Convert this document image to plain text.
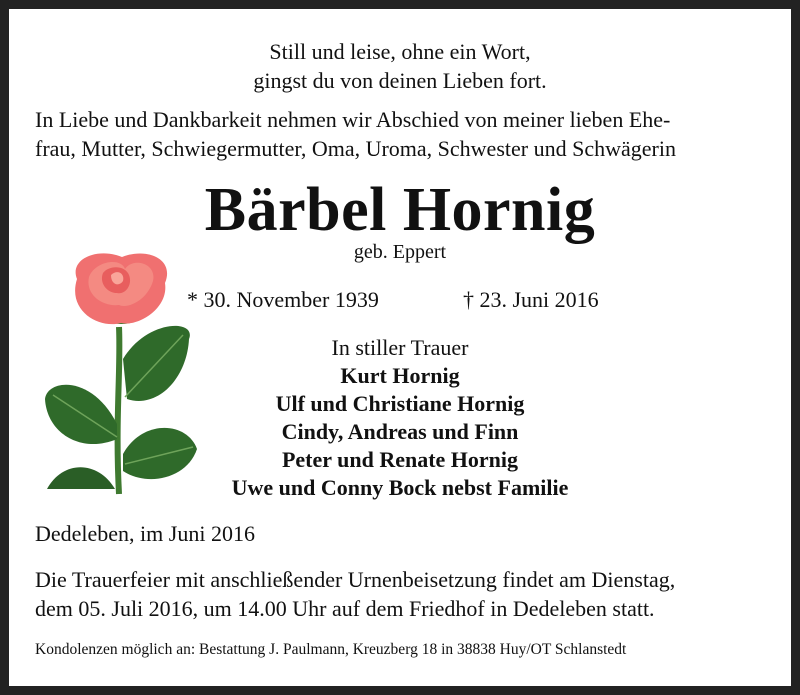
Still und leise, ohne ein Wort,
gingst du von deinen Lieben fort.
In Liebe und Dankbarkeit nehmen wir Abschied von meiner lieben Ehe-
frau, Mutter, Schwiegermutter, Oma, Uroma, Schwester und Schwägerin
Bärbel Hornig
geb. Eppert
* 30. November 1939	† 23. Juni 2016
In stiller Trauer
Kurt Hornig
Ulf und Christiane Hornig
Cindy, Andreas und Finn
Peter und Renate Hornig
Uwe und Conny Bock nebst Familie
Dedeleben, im Juni 2016
Die Trauerfeier mit anschließender Urnenbeisetzung findet am Dienstag,
dem 05. Juli 2016, um 14.00 Uhr auf dem Friedhof in Dedeleben statt.
Kondolenzen möglich an: Bestattung J. Paulmann, Kreuzberg 18 in 38838 Huy/OT Schlanstedt
